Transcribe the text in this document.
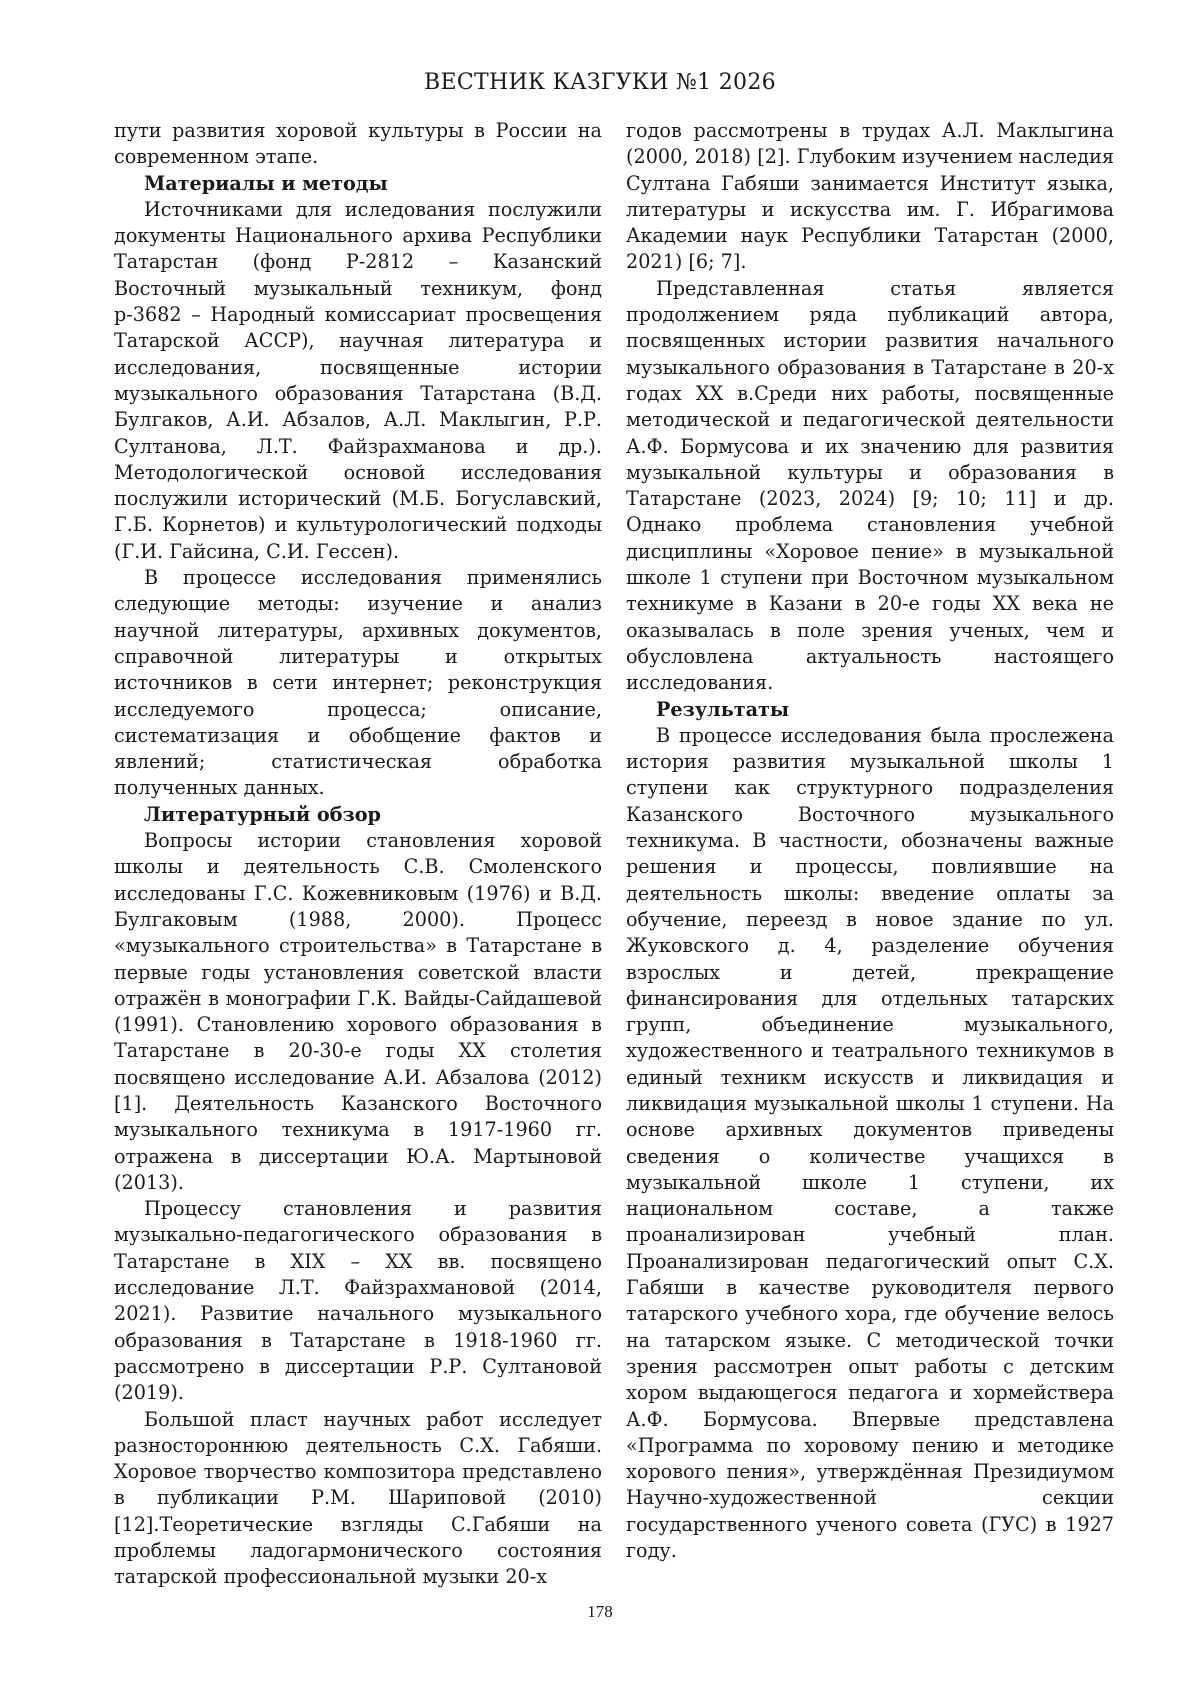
ВЕСТНИК КАЗГУКИ №1 2026

пути развития хоровой культуры в России на современном этапе.

Материалы и методы

Источниками для иследования послужили документы Национального архива Республики Татарстан (фонд Р-2812 – Казанский Восточный музыкальный техникум, фонд р-3682 – Народный комиссариат просвещения Татарской АССР), научная литература и исследования, посвященные истории музыкального образования Татарстана (В.Д. Булгаков, А.И. Абзалов, А.Л. Маклыгин, Р.Р. Султанова, Л.Т. Файзрахманова и др.). Методологической основой исследования послужили исторический (М.Б. Богуславский, Г.Б. Корнетов) и культурологический подходы (Г.И. Гайсина, С.И. Гессен).

В процессе исследования применялись следующие методы: изучение и анализ научной литературы, архивных документов, справочной литературы и открытых источников в сети интернет; реконструкция исследуемого процесса; описание, систематизация и обобщение фактов и явлений; статистическая обработка полученных данных.

Литературный обзор

Вопросы истории становления хоровой школы и деятельность С.В. Смоленского исследованы Г.С. Кожевниковым (1976) и В.Д. Булгаковым (1988, 2000). Процесс «музыкального строительства» в Татарстане в первые годы установления советской власти отражён в монографии Г.К. Вайды-Сайдашевой (1991). Становлению хорового образования в Татарстане в 20-30-е годы XX столетия посвящено исследование А.И. Абзалова (2012) [1]. Деятельность Казанского Восточного музыкального техникума в 1917-1960 гг. отражена в диссертации Ю.А. Мартыновой (2013).

Процессу становления и развития музыкально-педагогического образования в Татарстане в XIX – XX вв. посвящено исследование Л.Т. Файзрахмановой (2014, 2021). Развитие начального музыкального образования в Татарстане в 1918-1960 гг. рассмотрено в диссертации Р.Р. Султановой (2019).

Большой пласт научных работ исследует разностороннюю деятельность С.Х. Габяши. Хоровое творчество композитора представлено в публикации Р.М. Шариповой (2010) [12].Теоретические взгляды С.Габяши на проблемы ладогармонического состояния татарской профессиональной музыки 20-х

годов рассмотрены в трудах А.Л. Маклыгина (2000, 2018) [2]. Глубоким изучением наследия Султана Габяши занимается Институт языка, литературы и искусства им. Г. Ибрагимова Академии наук Республики Татарстан (2000, 2021) [6; 7].

Представленная статья является продолжением ряда публикаций автора, посвященных истории развития начального музыкального образования в Татарстане в 20-х годах XX в.Среди них работы, посвященные методической и педагогической деятельности А.Ф. Бормусова и их значению для развития музыкальной культуры и образования в Татарстане (2023, 2024) [9; 10; 11] и др. Однако проблема становления учебной дисциплины «Хоровое пение» в музыкальной школе 1 ступени при Восточном музыкальном техникуме в Казани в 20-е годы XX века не оказывалась в поле зрения ученых, чем и обусловлена актуальность настоящего исследования.

Результаты

В процессе исследования была прослежена история развития музыкальной школы 1 ступени как структурного подразделения Казанского Восточного музыкального техникума. В частности, обозначены важные решения и процессы, повлиявшие на деятельность школы: введение оплаты за обучение, переезд в новое здание по ул. Жуковского д. 4, разделение обучения взрослых и детей, прекращение финансирования для отдельных татарских групп, объединение музыкального, художественного и театрального техникумов в единый техникм искусств и ликвидация и ликвидация музыкальной школы 1 ступени. На основе архивных документов приведены сведения о количестве учащихся в музыкальной школе 1 ступени, их национальном составе, а также проанализирован учебный план. Проанализирован педагогический опыт С.Х. Габяши в качестве руководителя первого татарского учебного хора, где обучение велось на татарском языке. С методической точки зрения рассмотрен опыт работы с детским хором выдающегося педагога и хормействера А.Ф. Бормусова. Впервые представлена «Программа по хоровому пению и методике хорового пения», утверждённая Президиумом Научно-художественной секции государственного ученого совета (ГУС) в 1927 году.

178
